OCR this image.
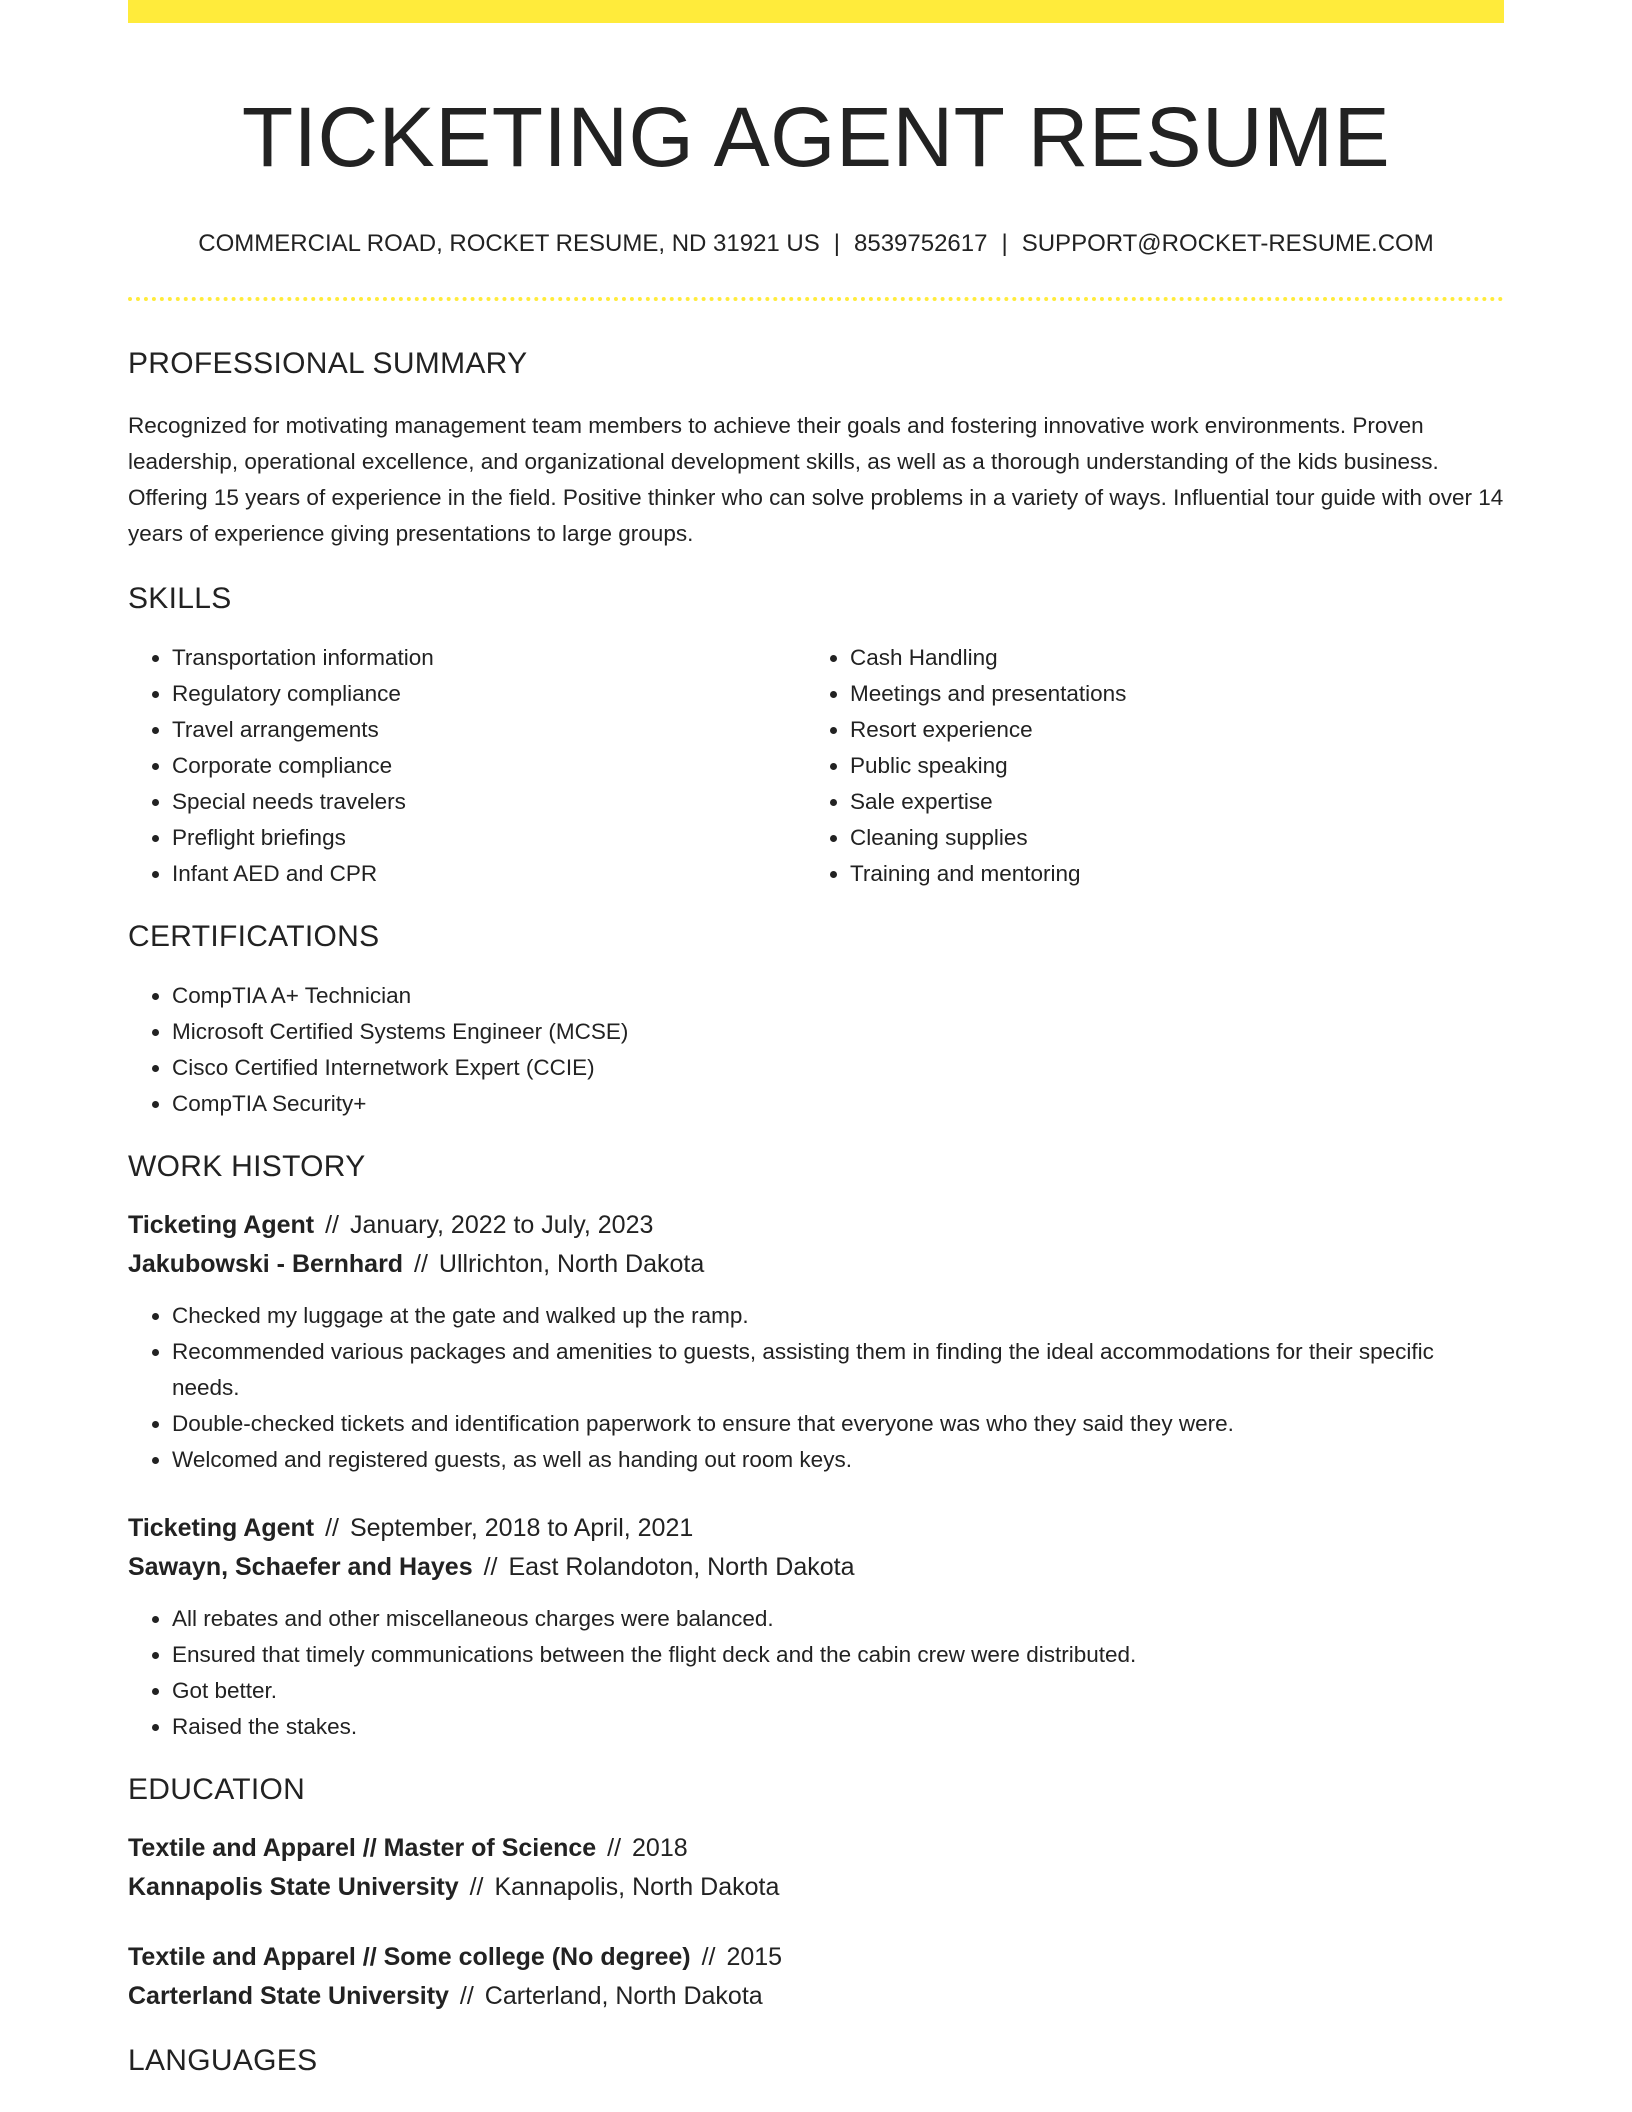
TICKETING AGENT RESUME
COMMERCIAL ROAD, ROCKET RESUME, ND 31921 US | 8539752617 | SUPPORT@ROCKET-RESUME.COM
PROFESSIONAL SUMMARY
Recognized for motivating management team members to achieve their goals and fostering innovative work environments. Proven leadership, operational excellence, and organizational development skills, as well as a thorough understanding of the kids business. Offering 15 years of experience in the field. Positive thinker who can solve problems in a variety of ways. Influential tour guide with over 14 years of experience giving presentations to large groups.
SKILLS
• Transportation information
• Regulatory compliance
• Travel arrangements
• Corporate compliance
• Special needs travelers
• Preflight briefings
• Infant AED and CPR
• Cash Handling
• Meetings and presentations
• Resort experience
• Public speaking
• Sale expertise
• Cleaning supplies
• Training and mentoring
CERTIFICATIONS
• CompTIA A+ Technician
• Microsoft Certified Systems Engineer (MCSE)
• Cisco Certified Internetwork Expert (CCIE)
• CompTIA Security+
WORK HISTORY
Ticketing Agent // January, 2022 to July, 2023
Jakubowski - Bernhard // Ullrichton, North Dakota
• Checked my luggage at the gate and walked up the ramp.
• Recommended various packages and amenities to guests, assisting them in finding the ideal accommodations for their specific needs.
• Double-checked tickets and identification paperwork to ensure that everyone was who they said they were.
• Welcomed and registered guests, as well as handing out room keys.
Ticketing Agent // September, 2018 to April, 2021
Sawayn, Schaefer and Hayes // East Rolandoton, North Dakota
• All rebates and other miscellaneous charges were balanced.
• Ensured that timely communications between the flight deck and the cabin crew were distributed.
• Got better.
• Raised the stakes.
EDUCATION
Textile and Apparel // Master of Science // 2018
Kannapolis State University // Kannapolis, North Dakota
Textile and Apparel // Some college (No degree) // 2015
Carterland State University // Carterland, North Dakota
LANGUAGES
